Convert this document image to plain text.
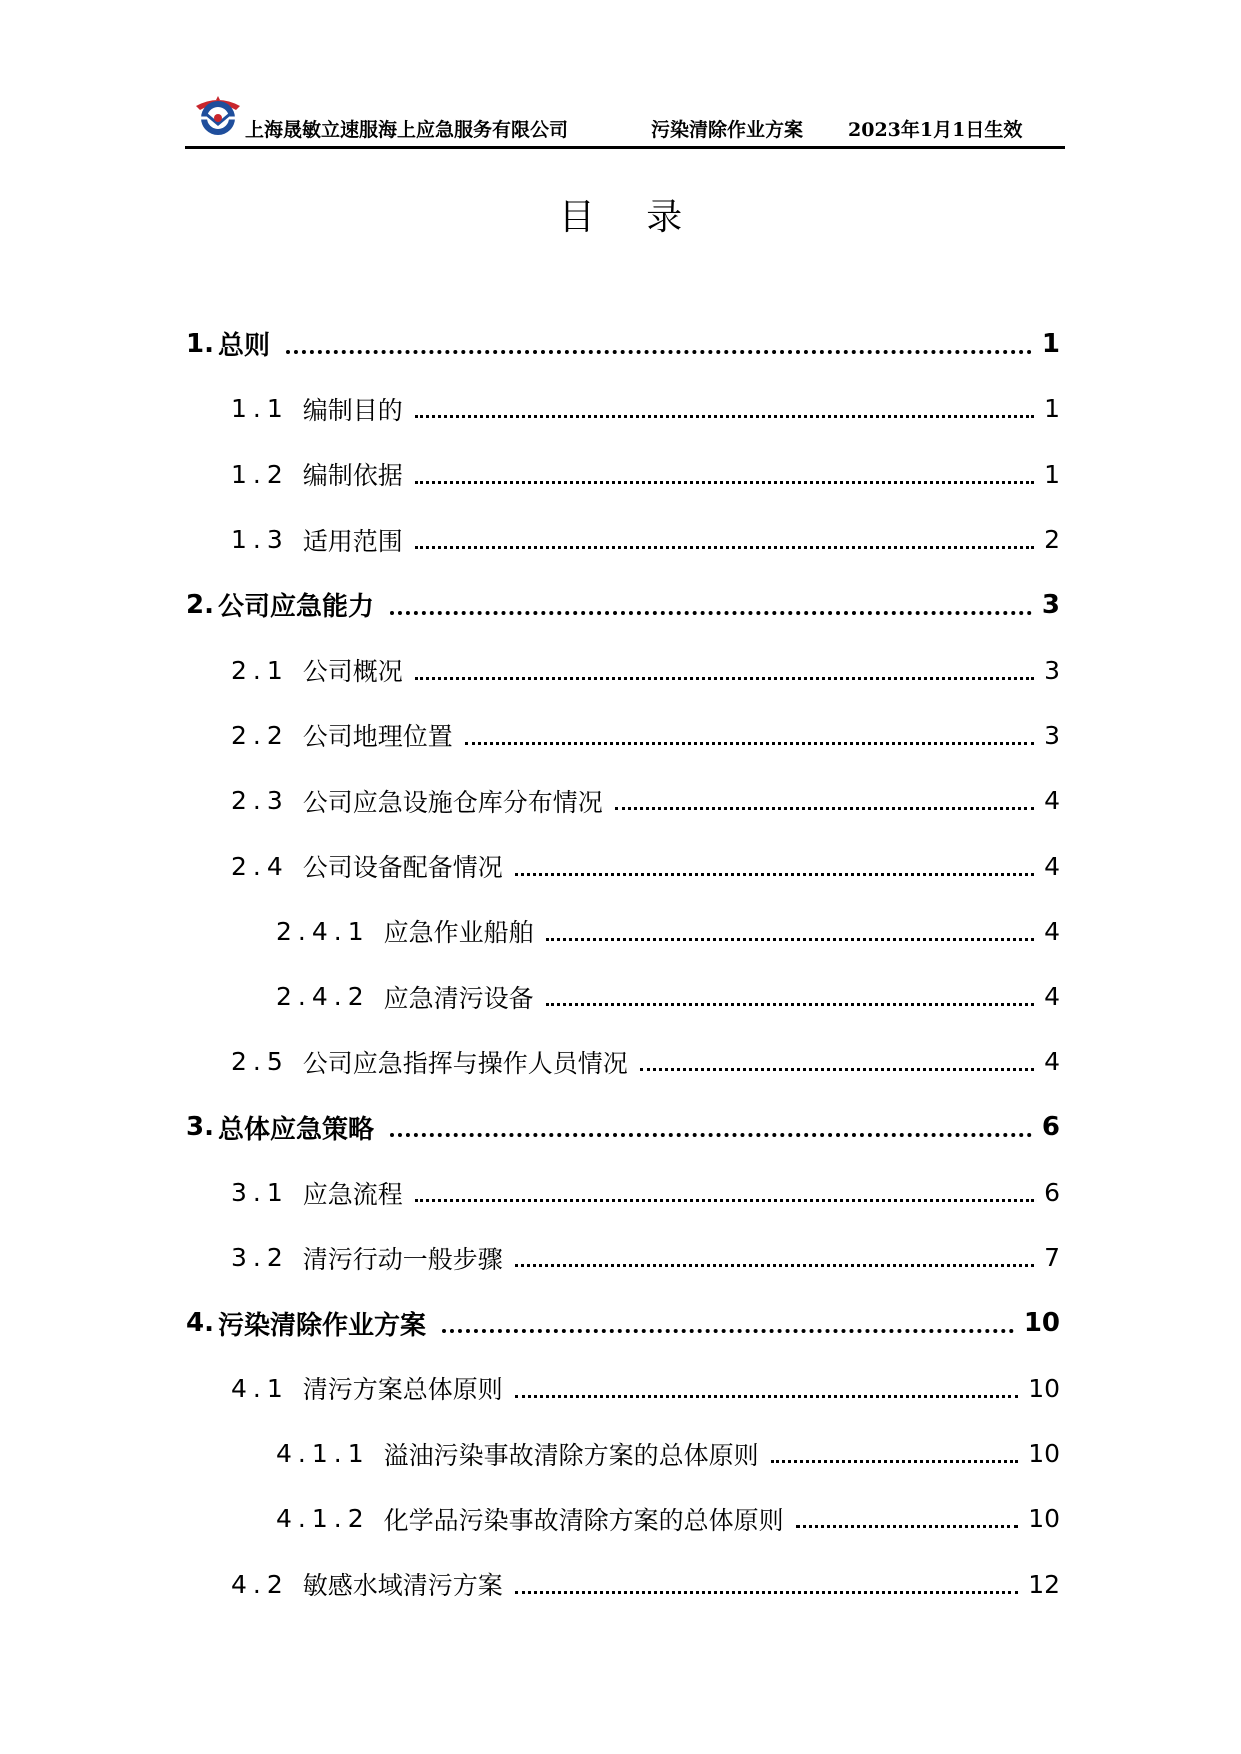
上海晟敏立速服海上应急服务有限公司	污染清除作业方案 2023年1月1日生效
目 录
1. 总则	1
1.1 编制目的	1
1.2 编制依据	1
1.3 适用范围	2
2. 公司应急能力	3
2.1 公司概况	3
2.2 公司地理位置	3
2.3 公司应急设施仓库分布情况	4
2.4 公司设备配备情况	4
2.4.1 应急作业船舶	4
2.4.2 应急清污设备	4
2.5 公司应急指挥与操作人员情况	4
3. 总体应急策略	6
3.1 应急流程	6
3.2 清污行动一般步骤	7
4. 污染清除作业方案	10
4.1 清污方案总体原则	10
4.1.1 溢油污染事故清除方案的总体原则	10
4.1.2 化学品污染事故清除方案的总体原则	10
4.2 敏感水域清污方案	12
